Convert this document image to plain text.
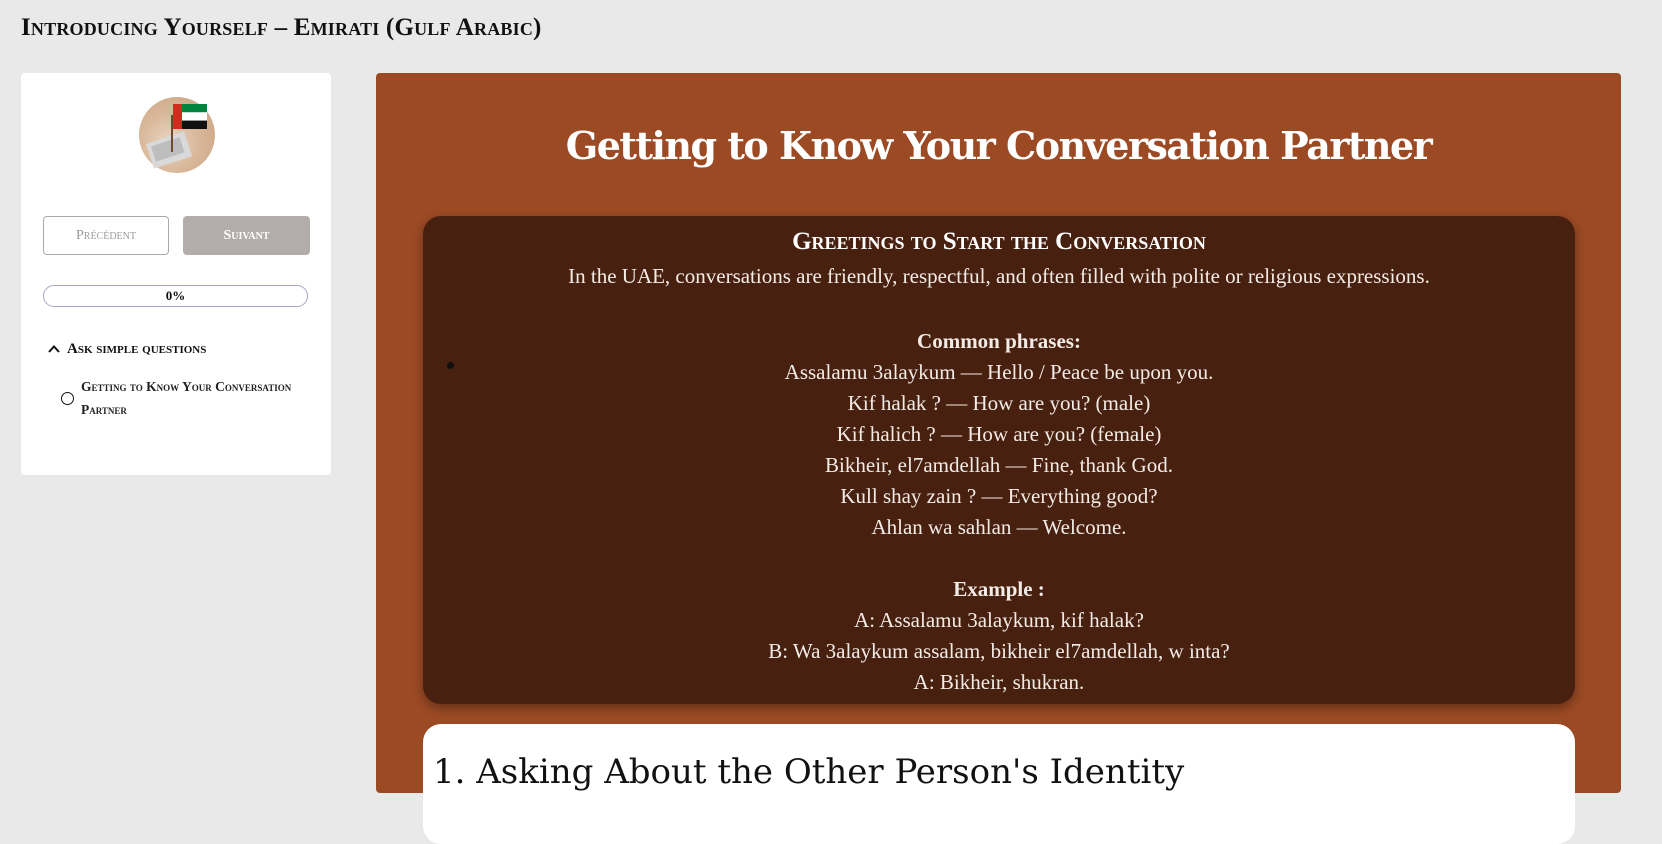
Introducing Yourself – Emirati (Gulf Arabic)
Précédent	Suivant
0%
Ask simple questions
Getting to Know Your Conversation Partner
Getting to Know Your Conversation Partner
Greetings to Start the Conversation
In the UAE, conversations are friendly, respectful, and often filled with polite or religious expressions.
Common phrases:
Assalamu 3alaykum — Hello / Peace be upon you.
Kif halak ? — How are you? (male)
Kif halich ? — How are you? (female)
Bikheir, el7amdellah — Fine, thank God.
Kull shay zain ? — Everything good?
Ahlan wa sahlan — Welcome.
Example :
A: Assalamu 3alaykum, kif halak?
B: Wa 3alaykum assalam, bikheir el7amdellah, w inta?
A: Bikheir, shukran.
1. Asking About the Other Person's Identity
